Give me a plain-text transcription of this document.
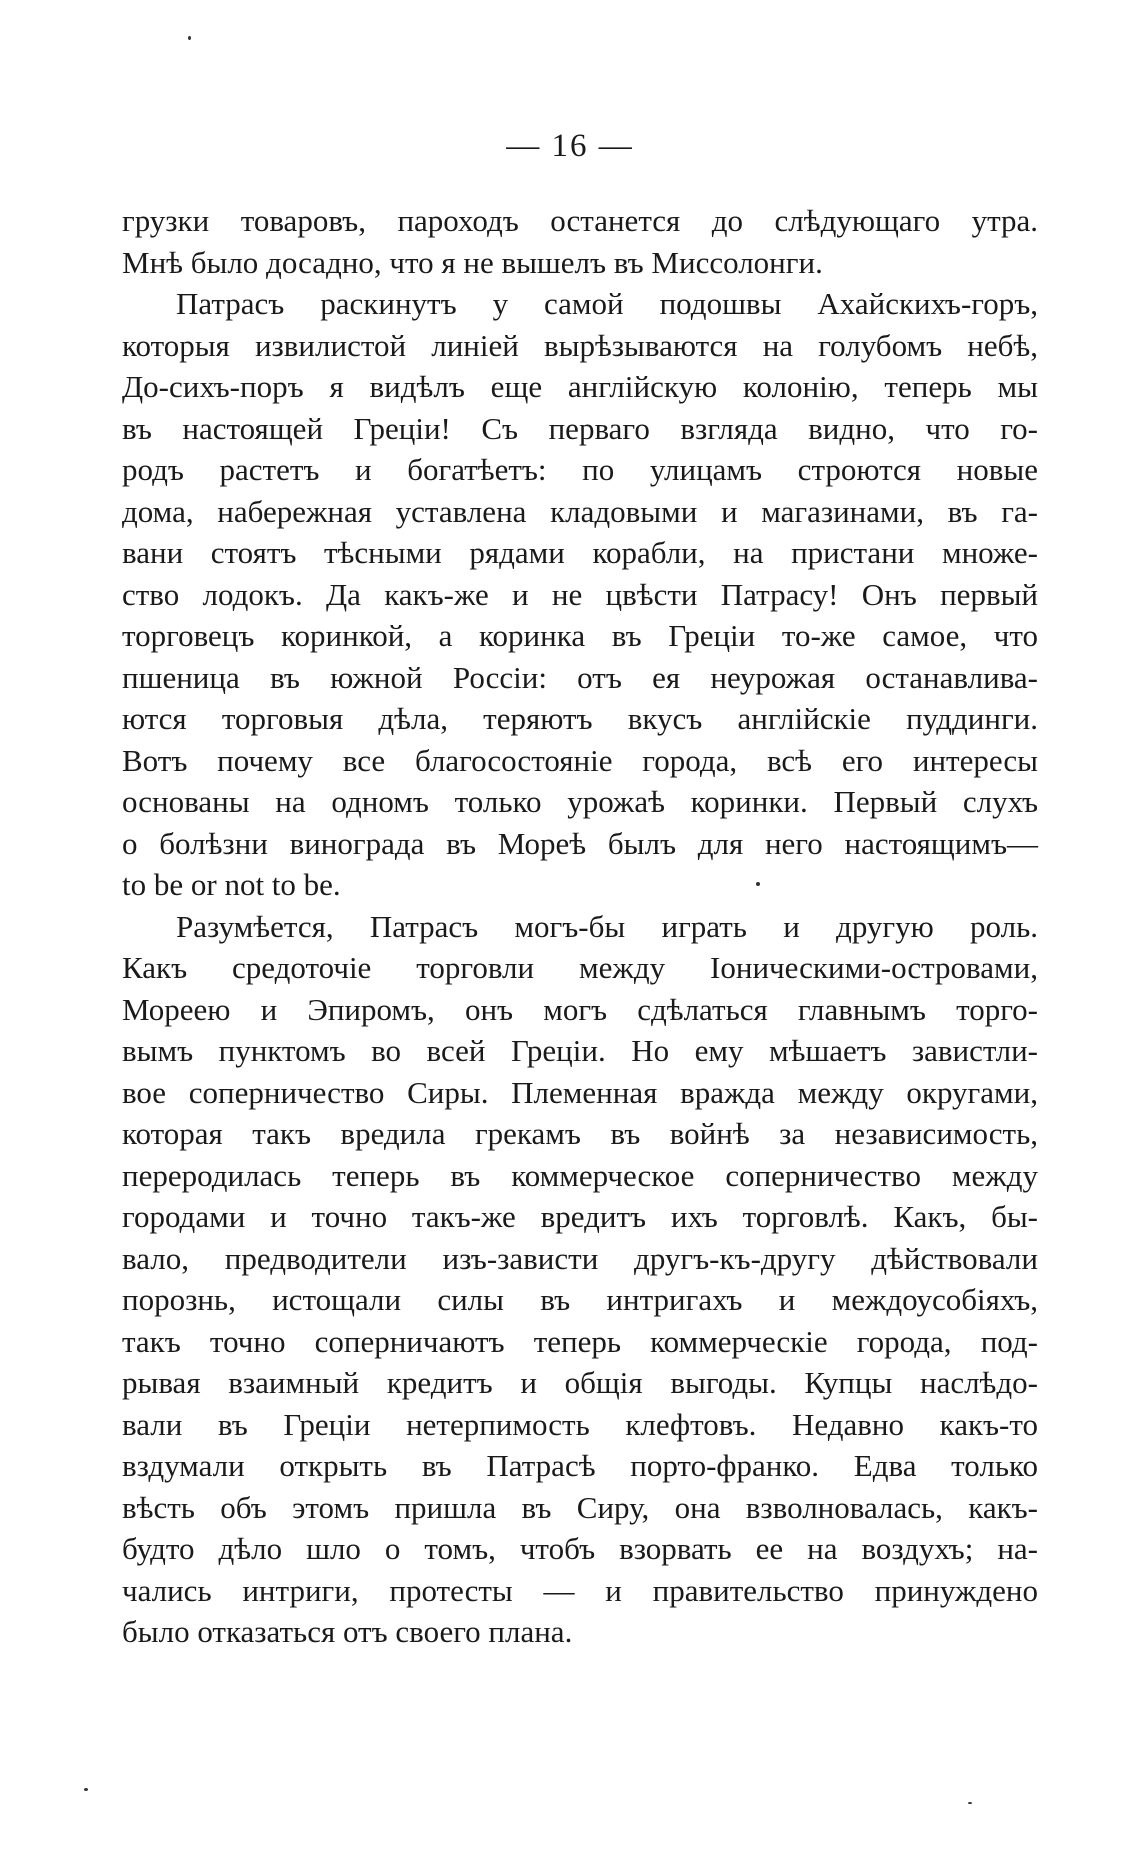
— 16 —
грузки товаровъ, пароходъ останется до слѣдующаго утра.
Мнѣ было досадно, что я не вышелъ въ Миссолонги.
Патрасъ раскинутъ у самой подошвы Ахайскихъ-горъ,
которыя извилистой линіей вырѣзываются на голубомъ небѣ,
До-сихъ-поръ я видѣлъ еще англійскую колонію, теперь мы
въ настоящей Греціи! Съ перваго взгляда видно, что го-
родъ растетъ и богатѣетъ: по улицамъ строются новые
дома, набережная уставлена кладовыми и магазинами, въ га-
вани стоятъ тѣсными рядами корабли, на пристани множе-
ство лодокъ. Да какъ-же и не цвѣсти Патрасу! Онъ первый
торговецъ коринкой, а коринка въ Греціи то-же самое, что
пшеница въ южной Россіи: отъ ея неурожая останавлива-
ются торговыя дѣла, теряютъ вкусъ англійскіе пуддинги.
Вотъ почему все благосостояніе города, всѣ его интересы
основаны на одномъ только урожаѣ коринки. Первый слухъ
о болѣзни винограда въ Мореѣ былъ для него настоящимъ—
to be or not to be.
Разумѣется, Патрасъ могъ-бы играть и другую роль.
Какъ средоточіе торговли между Іоническими-островами,
Мореею и Эпиромъ, онъ могъ сдѣлаться главнымъ торго-
вымъ пунктомъ во всей Греціи. Но ему мѣшаетъ завистли-
вое соперничество Сиры. Племенная вражда между округами,
которая такъ вредила грекамъ въ войнѣ за независимость,
переродилась теперь въ коммерческое соперничество между
городами и точно такъ-же вредитъ ихъ торговлѣ. Какъ, бы-
вало, предводители изъ-зависти другъ-къ-другу дѣйствовали
порознь, истощали силы въ интригахъ и междоусобіяхъ,
такъ точно соперничаютъ теперь коммерческіе города, под-
рывая взаимный кредитъ и общія выгоды. Купцы наслѣдо-
вали въ Греціи нетерпимость клефтовъ. Недавно какъ-то
вздумали открыть въ Патрасѣ порто-франко. Едва только
вѣсть объ этомъ пришла въ Сиру, она взволновалась, какъ-
будто дѣло шло о томъ, чтобъ взорвать ее на воздухъ; на-
чались интриги, протесты — и правительство принуждено
было отказаться отъ своего плана.
